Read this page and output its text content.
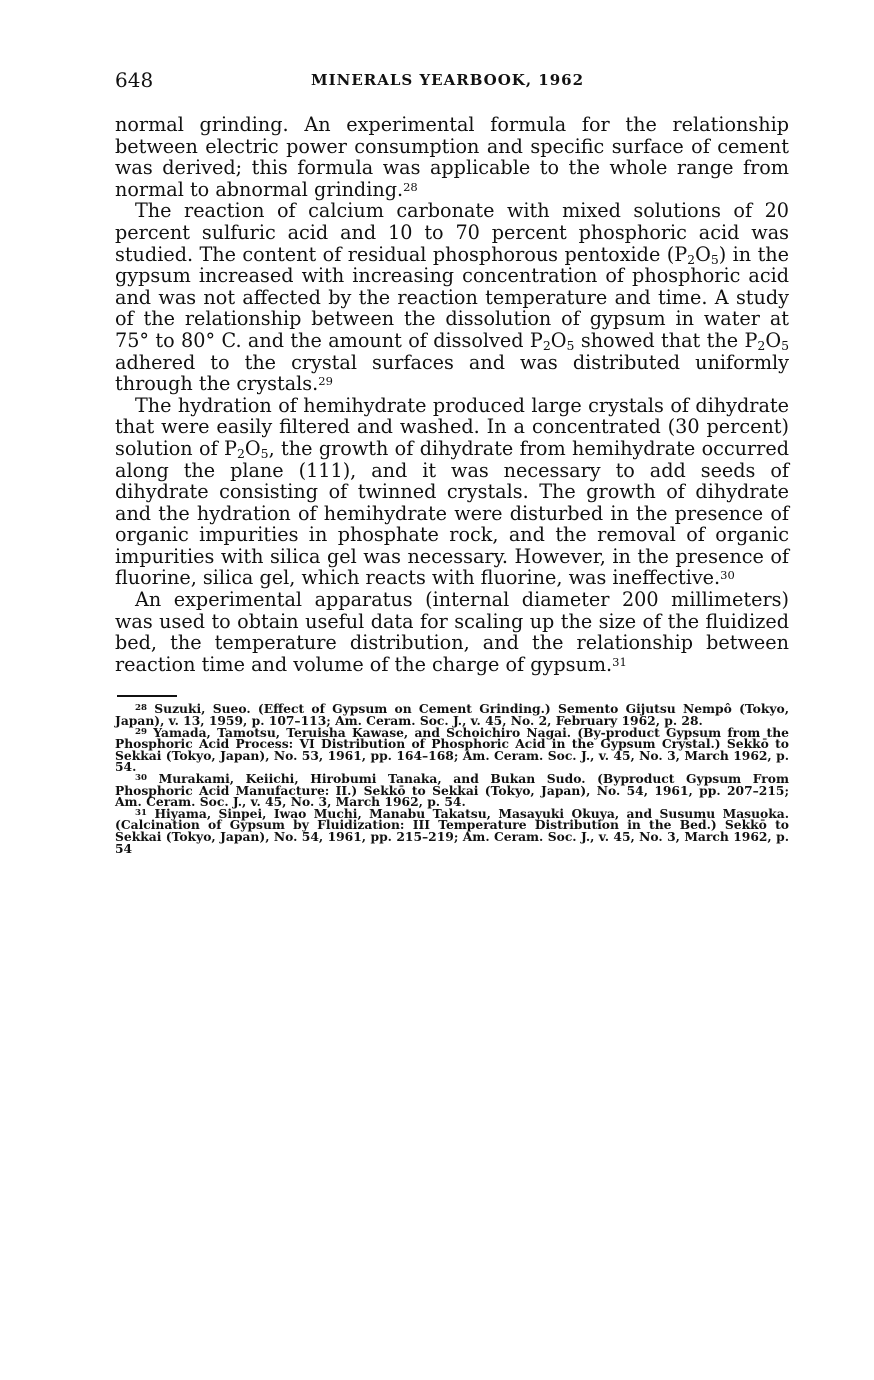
648	MINERALS YEARBOOK, 1962

normal grinding. An experimental formula for the relationship between electric power consumption and specific surface of cement was derived; this formula was applicable to the whole range from normal to abnormal grinding.$^{28}$

The reaction of calcium carbonate with mixed solutions of 20 percent sulfuric acid and 10 to 70 percent phosphoric acid was studied. The content of residual phosphorous pentoxide $(P_2O_5)$ in the gypsum increased with increasing concentration of phosphoric acid and was not affected by the reaction temperature and time. A study of the relationship between the dissolution of gypsum in water at 75° to 80° C. and the amount of dissolved $P_2O_5$ showed that the $P_2O_5$ adhered to the crystal surfaces and was distributed uniformly through the crystals.$^{29}$

The hydration of hemihydrate produced large crystals of dihydrate that were easily filtered and washed. In a concentrated (30 percent) solution of $P_2O_5$, the growth of dihydrate from hemihydrate occurred along the plane (111), and it was necessary to add seeds of dihydrate consisting of twinned crystals. The growth of dihydrate and the hydration of hemihydrate were disturbed in the presence of organic impurities in phosphate rock, and the removal of organic impurities with silica gel was necessary. However, in the presence of fluorine, silica gel, which reacts with fluorine, was ineffective.$^{30}$

An experimental apparatus (internal diameter 200 millimeters) was used to obtain useful data for scaling up the size of the fluidized bed, the temperature distribution, and the relationship between reaction time and volume of the charge of gypsum.$^{31}$

$^{28}$ Suzuki, Sueo. (Effect of Gypsum on Cement Grinding.) Semento Gijutsu Nempô (Tokyo, Japan), v. 13, 1959, p. 107–113; Am. Ceram. Soc. J., v. 45, No. 2, February 1962, p. 28.

$^{29}$ Yamada, Tamotsu, Teruisha Kawase, and Schoichiro Nagai. (By-product Gypsum from the Phosphoric Acid Process: VI Distribution of Phosphoric Acid in the Gypsum Crystal.) Sekkō to Sekkai (Tokyo, Japan), No. 53, 1961, pp. 164–168; Am. Ceram. Soc. J., v. 45, No. 3, March 1962, p. 54.

$^{30}$ Murakami, Keiichi, Hirobumi Tanaka, and Bukan Sudo. (Byproduct Gypsum From Phosphoric Acid Manufacture: II.) Sekkō to Sekkai (Tokyo, Japan), No. 54, 1961, pp. 207–215; Am. Ceram. Soc. J., v. 45, No. 3, March 1962, p. 54.

$^{31}$ Hiyama, Sinpei, Iwao Muchi, Manabu Takatsu, Masayuki Okuya, and Susumu Masuoka. (Calcination of Gypsum by Fluidization: III Temperature Distribution in the Bed.) Sekkō to Sekkai (Tokyo, Japan), No. 54, 1961, pp. 215–219; Am. Ceram. Soc. J., v. 45, No. 3, March 1962, p. 54
